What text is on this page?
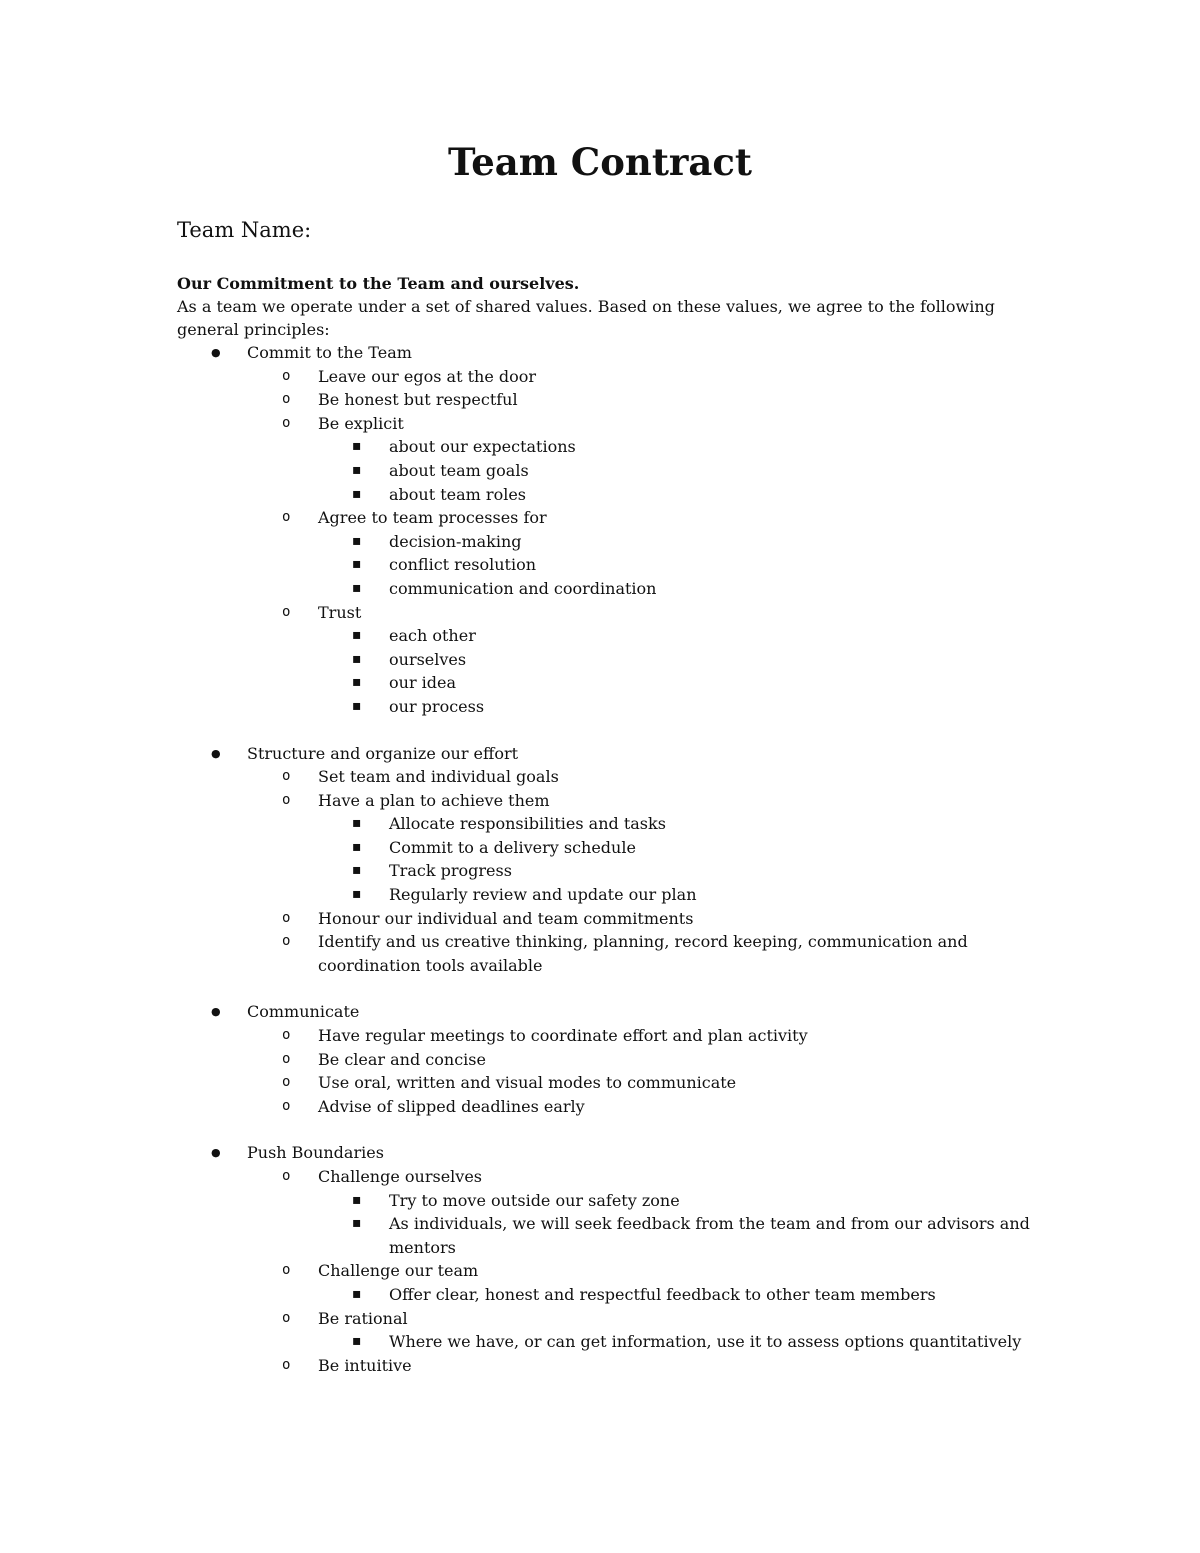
Team Contract

Team Name:

Our Commitment to the Team and ourselves.

As a team we operate under a set of shared values. Based on these values, we agree to the following general principles:

● Commit to the Team
o Leave our egos at the door
o Be honest but respectful
o Be explicit
▪ about our expectations
▪ about team goals
▪ about team roles
o Agree to team processes for
▪ decision-making
▪ conflict resolution
▪ communication and coordination
o Trust
▪ each other
▪ ourselves
▪ our idea
▪ our process
● Structure and organize our effort
o Set team and individual goals
o Have a plan to achieve them
▪ Allocate responsibilities and tasks
▪ Commit to a delivery schedule
▪ Track progress
▪ Regularly review and update our plan
o Honour our individual and team commitments
o Identify and us creative thinking, planning, record keeping, communication and coordination tools available
● Communicate
o Have regular meetings to coordinate effort and plan activity
o Be clear and concise
o Use oral, written and visual modes to communicate
o Advise of slipped deadlines early
● Push Boundaries
o Challenge ourselves
▪ Try to move outside our safety zone
▪ As individuals, we will seek feedback from the team and from our advisors and mentors
o Challenge our team
▪ Offer clear, honest and respectful feedback to other team members
o Be rational
▪ Where we have, or can get information, use it to assess options quantitatively
o Be intuitive
